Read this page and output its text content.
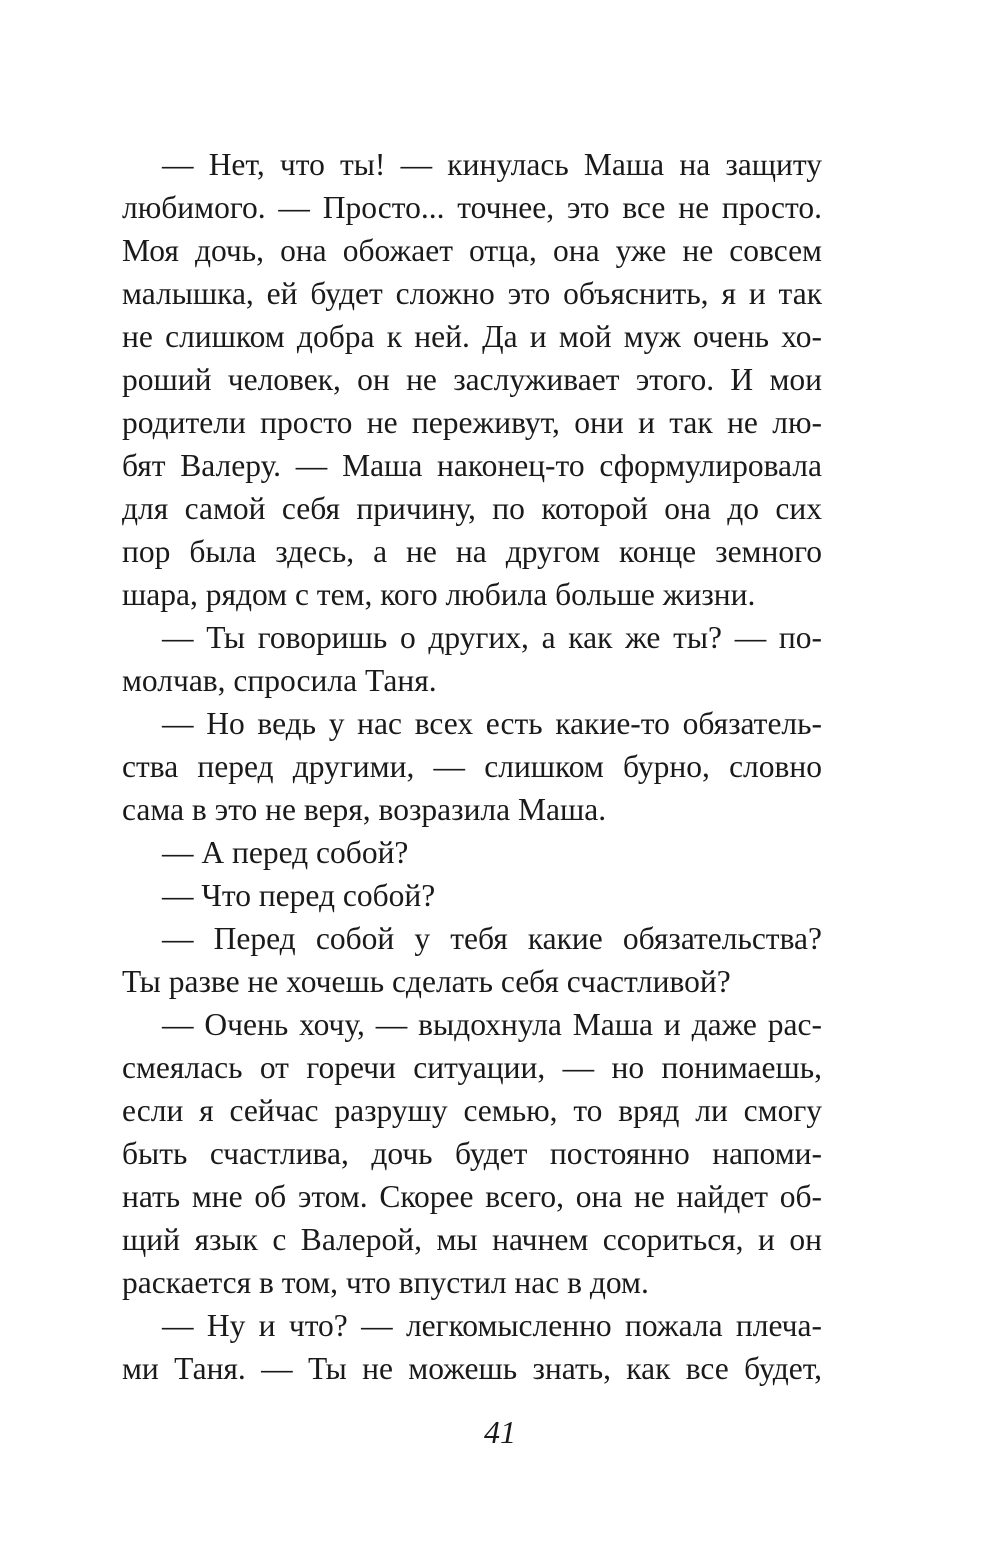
— Нет, что ты! — кинулась Маша на защиту
любимого. — Просто... точнее, это все не просто.
Моя дочь, она обожает отца, она уже не совсем
малышка, ей будет сложно это объяснить, я и так
не слишком добра к ней. Да и мой муж очень хо-
роший человек, он не заслуживает этого. И мои
родители просто не переживут, они и так не лю-
бят Валеру. — Маша наконец-то сформулировала
для самой себя причину, по которой она до сих
пор была здесь, а не на другом конце земного
шара, рядом с тем, кого любила больше жизни.
— Ты говоришь о других, а как же ты? — по-
молчав, спросила Таня.
— Но ведь у нас всех есть какие-то обязатель-
ства перед другими, — слишком бурно, словно
сама в это не веря, возразила Маша.
— А перед собой?
— Что перед собой?
— Перед собой у тебя какие обязательства?
Ты разве не хочешь сделать себя счастливой?
— Очень хочу, — выдохнула Маша и даже рас-
смеялась от горечи ситуации, — но понимаешь,
если я сейчас разрушу семью, то вряд ли смогу
быть счастлива, дочь будет постоянно напоми-
нать мне об этом. Скорее всего, она не найдет об-
щий язык с Валерой, мы начнем ссориться, и он
раскается в том, что впустил нас в дом.
— Ну и что? — легкомысленно пожала плеча-
ми Таня. — Ты не можешь знать, как все будет,
41
